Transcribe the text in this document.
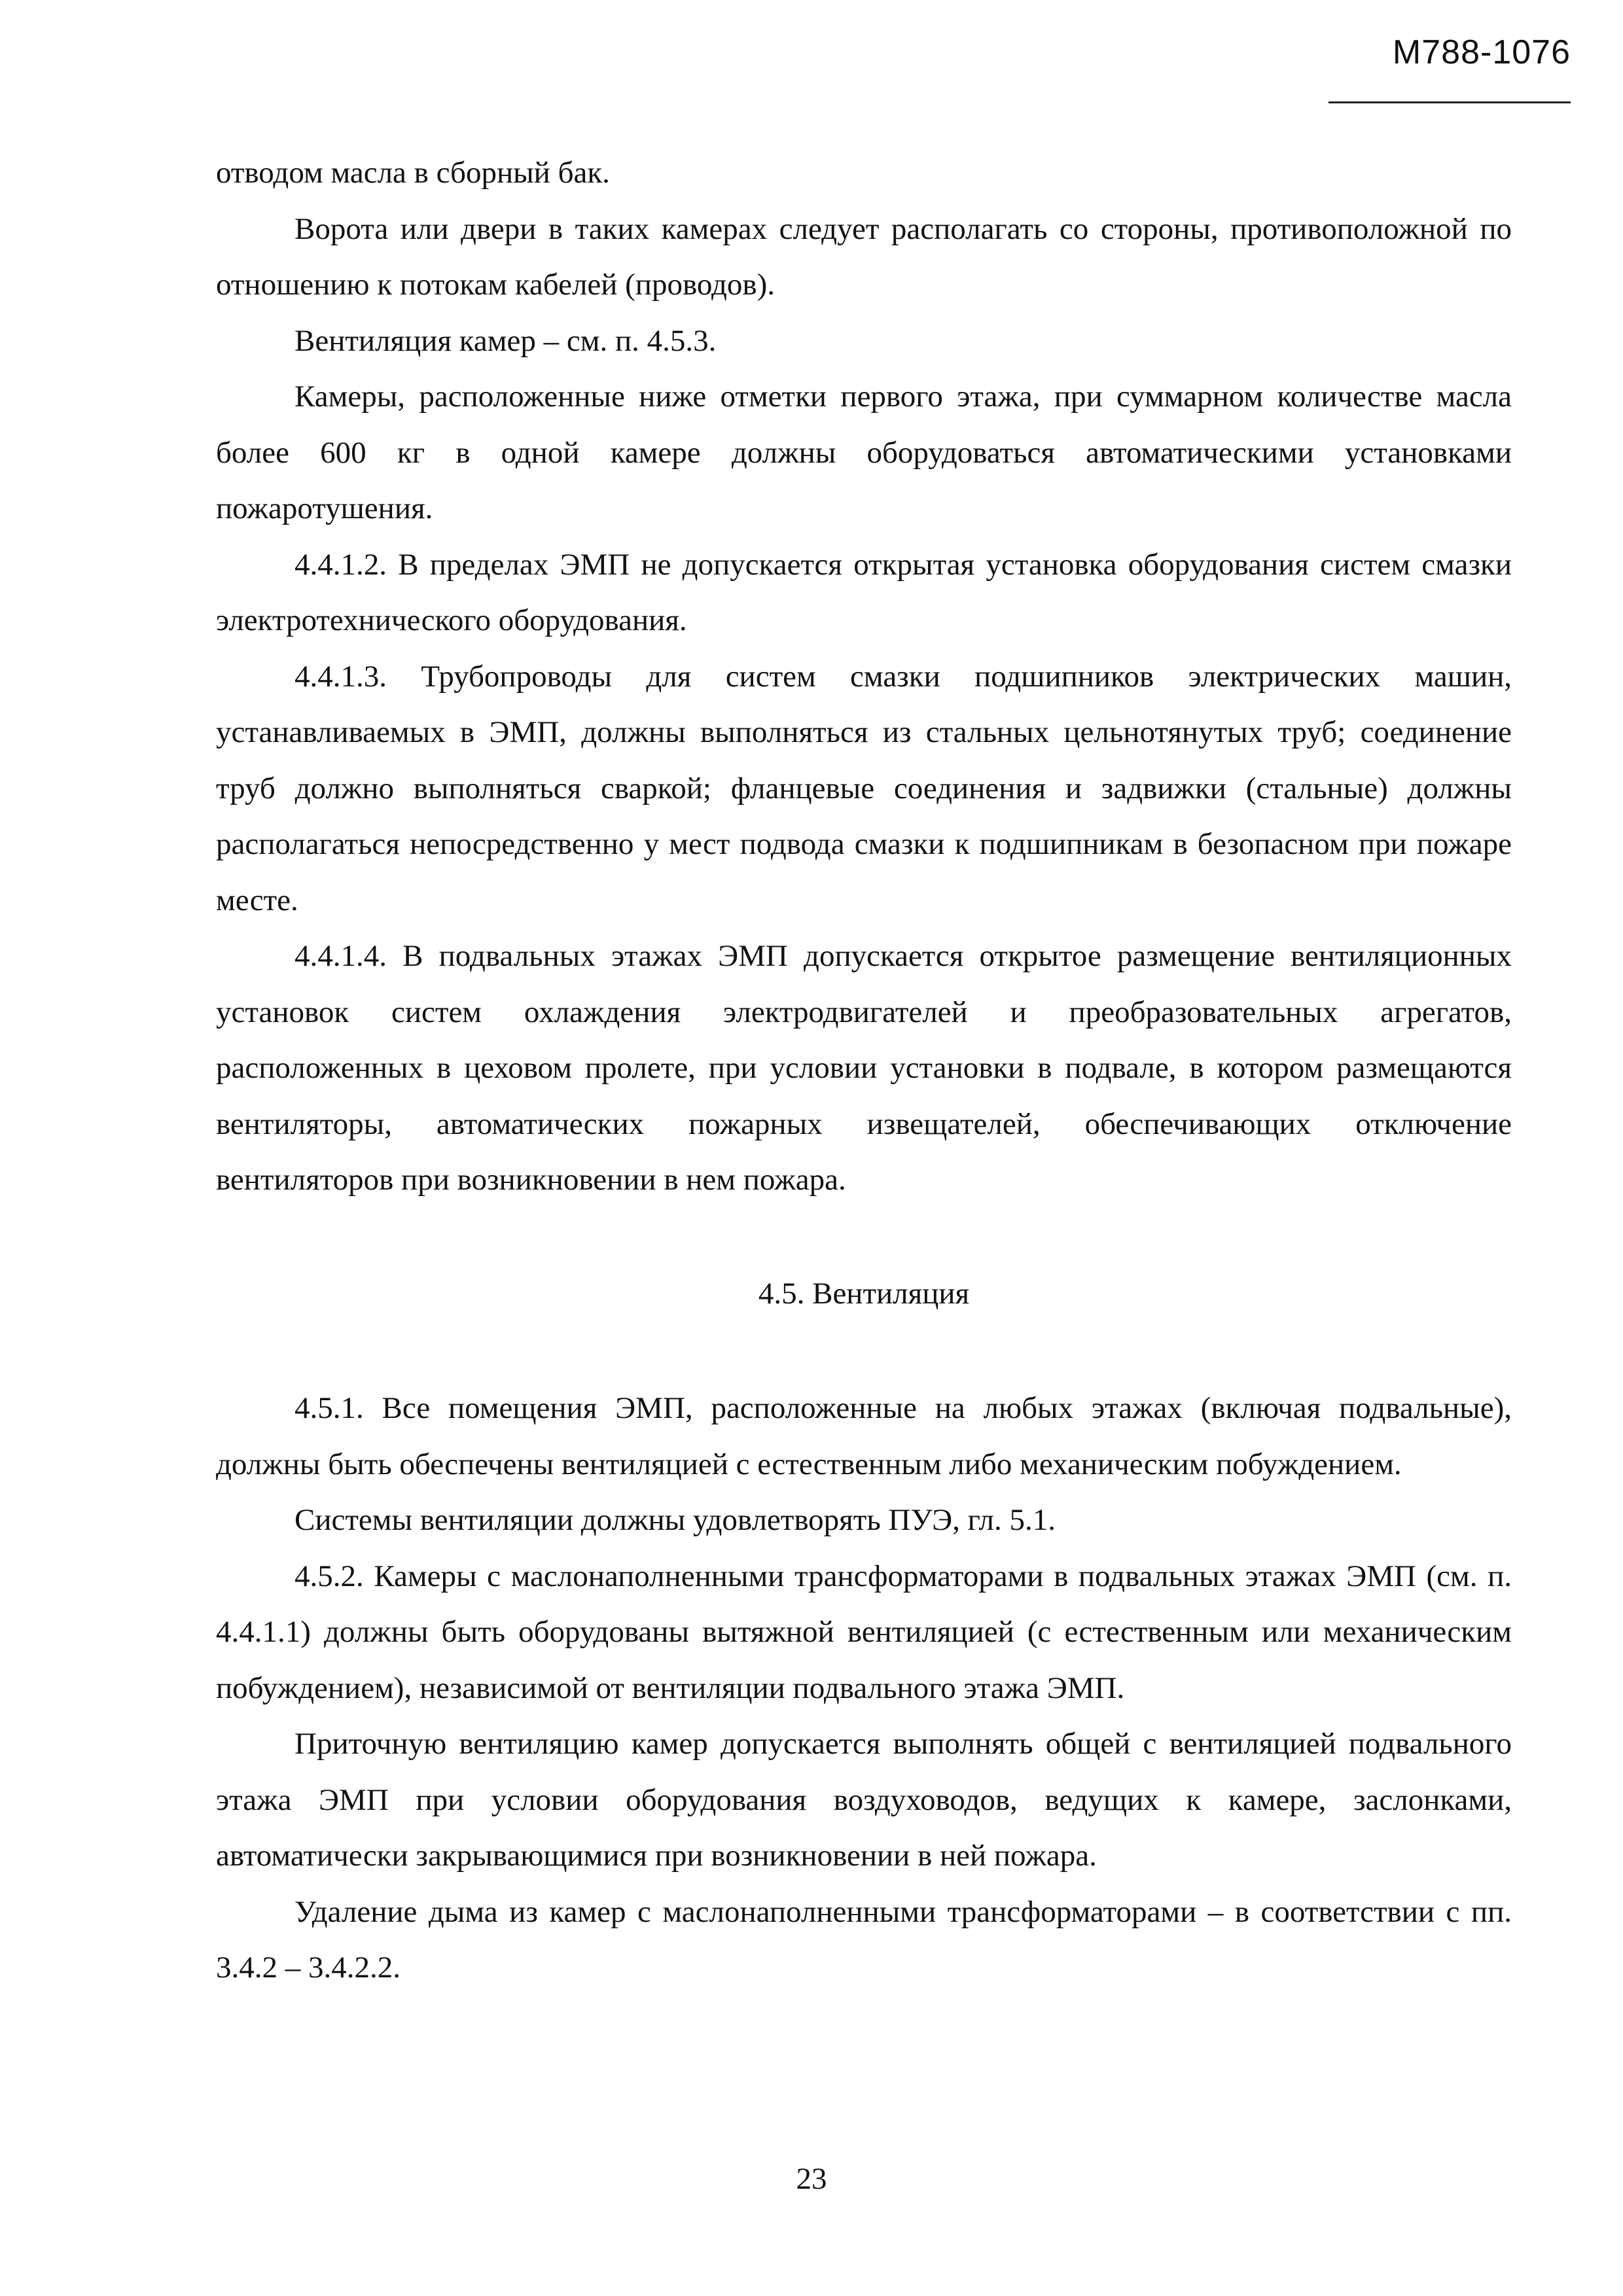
М788-1076

отводом масла в сборный бак.

Ворота или двери в таких камерах следует располагать со стороны, противоположной по отношению к потокам кабелей (проводов).

Вентиляция камер – см. п. 4.5.3.

Камеры, расположенные ниже отметки первого этажа, при суммарном количестве масла более 600 кг в одной камере должны оборудоваться автоматическими установками пожаротушения.

4.4.1.2. В пределах ЭМП не допускается открытая установка оборудования систем смазки электротехнического оборудования.

4.4.1.3. Трубопроводы для систем смазки подшипников электрических машин, устанавливаемых в ЭМП, должны выполняться из стальных цельнотянутых труб; соединение труб должно выполняться сваркой; фланцевые соединения и задвижки (стальные) должны располагаться непосредственно у мест подвода смазки к подшипникам в безопасном при пожаре месте.

4.4.1.4. В подвальных этажах ЭМП допускается открытое размещение вентиляционных установок систем охлаждения электродвигателей и преобразовательных агрегатов, расположенных в цеховом пролете, при условии установки в подвале, в котором размещаются вентиляторы, автоматических пожарных извещателей, обеспечивающих отключение вентиляторов при возникновении в нем пожара.

4.5. Вентиляция

4.5.1. Все помещения ЭМП, расположенные на любых этажах (включая подвальные), должны быть обеспечены вентиляцией с естественным либо механическим побуждением.

Системы вентиляции должны удовлетворять ПУЭ, гл. 5.1.

4.5.2. Камеры с маслонаполненными трансформаторами в подвальных этажах ЭМП (см. п. 4.4.1.1) должны быть оборудованы вытяжной вентиляцией (с естественным или механическим побуждением), независимой от вентиляции подвального этажа ЭМП.

Приточную вентиляцию камер допускается выполнять общей с вентиляцией подвального этажа ЭМП при условии оборудования воздуховодов, ведущих к камере, заслонками, автоматически закрывающимися при возникновении в ней пожара.

Удаление дыма из камер с маслонаполненными трансформаторами – в соответствии с пп. 3.4.2 – 3.4.2.2.

23
